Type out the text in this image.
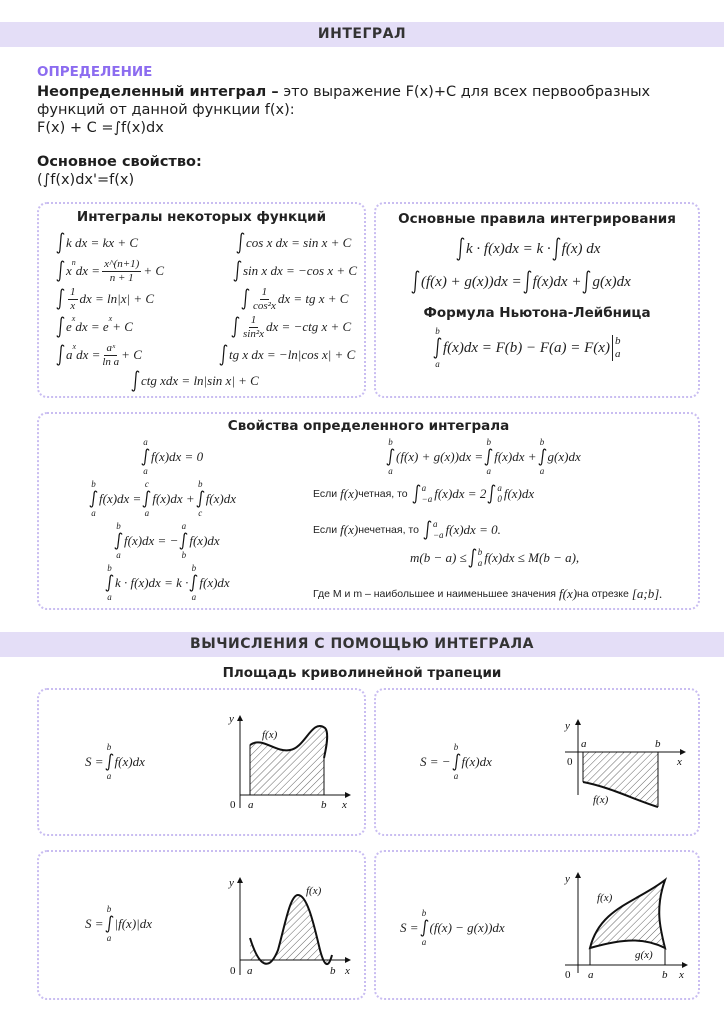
ИНТЕГРАЛ
ОПРЕДЕЛЕНИЕ
Неопределенный интеграл – это выражение F(x)+C для всех первообразных
функций от данной функции f(x):
F(x) + C =∫f(x)dx
Основное свойство:
(∫f(x)dx'=f(x)
Интегралы некоторых функций
k dx = kx + C	cos x dx = sin x + C
x
$^n$
dx = $\frac{x\^{}(n+1)}{n + 1} + C$	sin x dx = −cos x + C
$\frac{1}{x}$ dx = ln|x| + C	$\frac{1}{\text{cos²x}}$ dx = tg x + C
e
$^x$
dx = e
$^x$
+ C	$\frac{1}{\text{sin²x}}$ dx = −ctg x + C
a
$^x$
dx = $\frac{\text{aˣ}}{\text{ln a}} + C$	tg x dx = −ln|cos x| + C
ctg xdx = ln|sin x| + C
Основные правила интегрирования
Формула Ньютона-Лейбница
k · f(x)dx = k · f(x) dx
(f(x) + g(x))dx = f(x)dx + g(x)dx
b
a
f(x)dx = F(b) − F(a) = F(x) b
a
Свойства определенного интеграла
a
a
f(x)dx = 0
b
a
f(x)dx =
c
a
f(x)dx +
b
c
f(x)dx
b
a
f(x)dx = −
a
b
f(x)dx
b
a
k · f(x)dx = k ·
b
a
f(x)dx
b
a
(f(x) + g(x))dx =
b
a
f(x)dx +
b
a
g(x)dx
Если f(x) четная, то a
−a f(x)dx = 2 a
0 f(x)dx
Если f(x) нечетная, то a
−a f(x)dx = 0.
m(b − a) ≤ b
a f(x)dx ≤ M(b − a),
Где M и m – наибольшее и наименьшее значения f(x) на отрезке [a;b].
ВЫЧИСЛЕНИЯ С ПОМОЩЬЮ ИНТЕГРАЛА
Площадь криволинейной трапеции
S =
b
a
f(x)dx
f(x)
y
0 a	b x
S = −
b
a
f(x)dx
f(x)
y
0
a	b
x
S =
b
a
|f(x)|dx
f(x)
y
0 a	b x
S =
b
a
(f(x) − g(x))dx
f(x)
g(x)
y
0 a	b x
